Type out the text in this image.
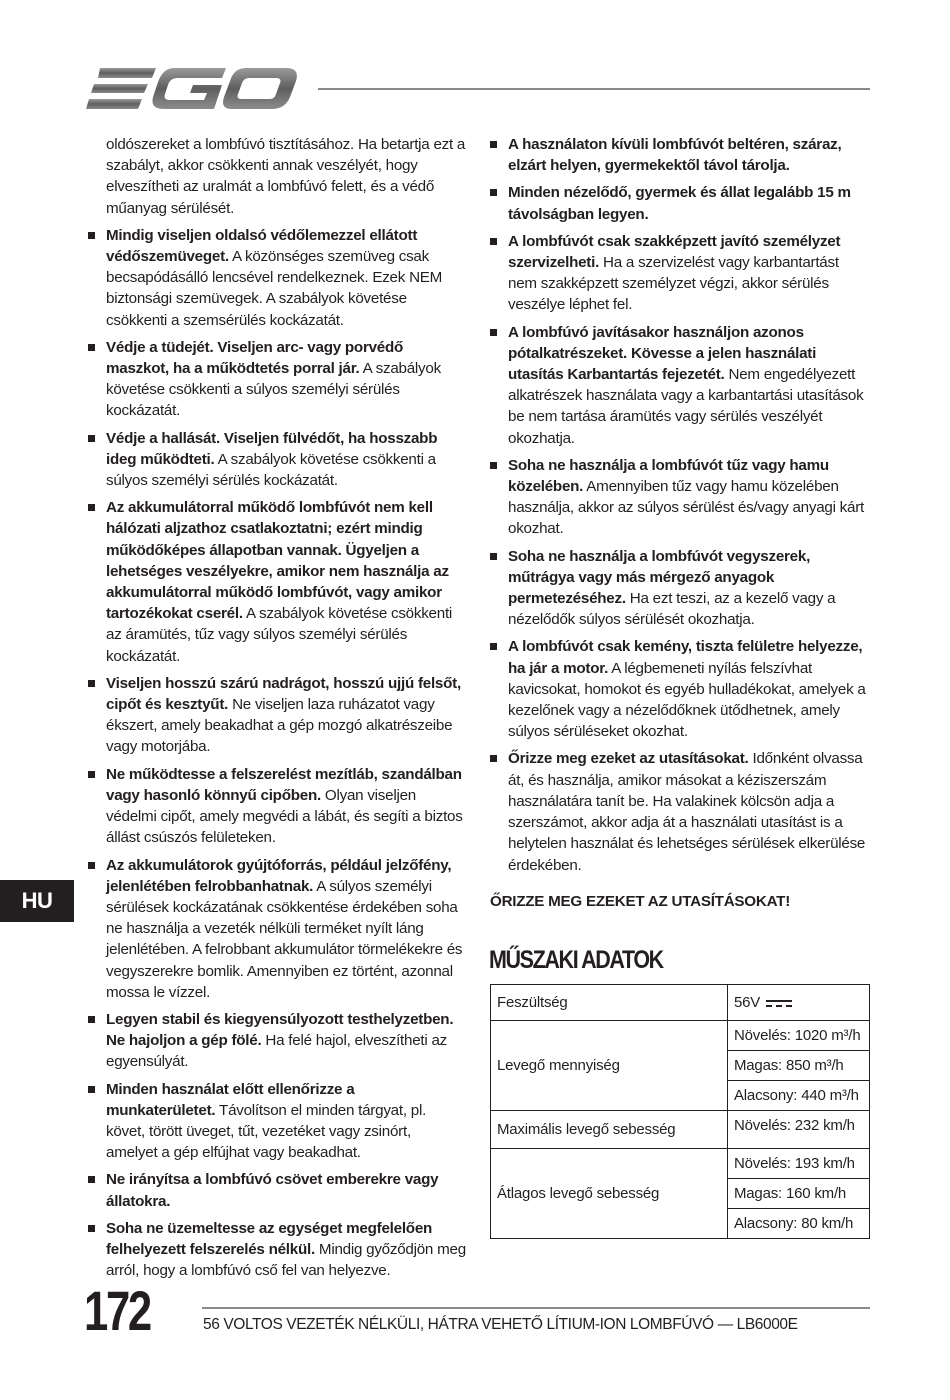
oldószereket a lombfúvó tisztításához. Ha betartja ezt a szabályt, akkor csökkenti annak veszélyét, hogy elveszítheti az uralmát a lombfúvó felett, és a védő műanyag sérülését.

Mindig viseljen oldalsó védőlemezzel ellátott védőszemüveget. A közönséges szemüveg csak becsapódásálló lencsével rendelkeznek. Ezek NEM biztonsági szemüvegek. A szabályok követése csökkenti a szemsérülés kockázatát.
Védje a tüdejét. Viseljen arc- vagy porvédő maszkot, ha a működtetés porral jár. A szabályok követése csökkenti a súlyos személyi sérülés kockázatát.
Védje a hallását. Viseljen fülvédőt, ha hosszabb ideg működteti. A szabályok követése csökkenti a súlyos személyi sérülés kockázatát.
Az akkumulátorral működő lombfúvót nem kell hálózati aljzathoz csatlakoztatni; ezért mindig működőképes állapotban vannak. Ügyeljen a lehetséges veszélyekre, amikor nem használja az akkumulátorral működő lombfúvót, vagy amikor tartozékokat cserél. A szabályok követése csökkenti az áramütés, tűz vagy súlyos személyi sérülés kockázatát.
Viseljen hosszú szárú nadrágot, hosszú ujjú felsőt, cipőt és kesztyűt. Ne viseljen laza ruházatot vagy ékszert, amely beakadhat a gép mozgó alkatrészeibe vagy motorjába.
Ne működtesse a felszerelést mezítláb, szandálban vagy hasonló könnyű cipőben. Olyan viseljen védelmi cipőt, amely megvédi a lábát, és segíti a biztos állást csúszós felületeken.
Az akkumulátorok gyújtóforrás, például jelzőfény, jelenlétében felrobbanhatnak. A súlyos személyi sérülések kockázatának csökkentése érdekében soha ne használja a vezeték nélküli terméket nyílt láng jelenlétében. A felrobbant akkumulátor törmelékekre és vegyszerekre bomlik. Amennyiben ez történt, azonnal mossa le vízzel.
Legyen stabil és kiegyensúlyozott testhelyzetben. Ne hajoljon a gép fölé. Ha felé hajol, elveszítheti az egyensúlyát.
Minden használat előtt ellenőrizze a munkaterületet. Távolítson el minden tárgyat, pl. követ, törött üveget, tűt, vezetéket vagy zsinórt, amelyet a gép elfújhat vagy beakadhat.
Ne irányítsa a lombfúvó csövet emberekre vagy állatokra.
Soha ne üzemeltesse az egységet megfelelően felhelyezett felszerelés nélkül. Mindig győződjön meg arról, hogy a lombfúvó cső fel van helyezve.
A használaton kívüli lombfúvót beltéren, száraz, elzárt helyen, gyermekektől távol tárolja.
Minden nézelődő, gyermek és állat legalább 15 m távolságban legyen.
A lombfúvót csak szakképzett javító személyzet szervizelheti. Ha a szervizelést vagy karbantartást nem szakképzett személyzet végzi, akkor sérülés veszélye léphet fel.
A lombfúvó javításakor használjon azonos pótalkatrészeket. Kövesse a jelen használati utasítás Karbantartás fejezetét. Nem engedélyezett alkatrészek használata vagy a karbantartási utasítások be nem tartása áramütés vagy sérülés veszélyét okozhatja.
Soha ne használja a lombfúvót tűz vagy hamu közelében. Amennyiben tűz vagy hamu közelében használja, akkor az súlyos sérülést és/vagy anyagi kárt okozhat.
Soha ne használja a lombfúvót vegyszerek, műtrágya vagy más mérgező anyagok permetezéséhez. Ha ezt teszi, az a kezelő vagy a nézelődők súlyos sérülését okozhatja.
A lombfúvót csak kemény, tiszta felületre helyezze, ha jár a motor. A légbemeneti nyílás felszívhat kavicsokat, homokot és egyéb hulladékokat, amelyek a kezelőnek vagy a nézelődőknek ütődhetnek, amely súlyos sérüléseket okozhat.
Őrizze meg ezeket az utasításokat. Időnként olvassa át, és használja, amikor másokat a kéziszerszám használatára tanít be. Ha valakinek kölcsön adja a szerszámot, akkor adja át a használati utasítást is a helytelen használat és lehetséges sérülések elkerülése érdekében.

ŐRIZZE MEG EZEKET AZ UTASÍTÁSOKAT!

MŰSZAKI ADATOK
Feszültség	56V

Levegő mennyiség	Növelés: 1020 m³/h
	Magas: 850 m³/h
	Alacsony: 440 m³/h
Maximális levegő sebesség	Növelés: 232 km/h
Átlagos levegő sebesség	Növelés: 193 km/h
	Magas: 160 km/h
	Alacsony: 80 km/h
HU
172	56 VOLTOS VEZETÉK NÉLKÜLI, HÁTRA VEHETŐ LÍTIUM-ION LOMBFÚVÓ — LB6000E
